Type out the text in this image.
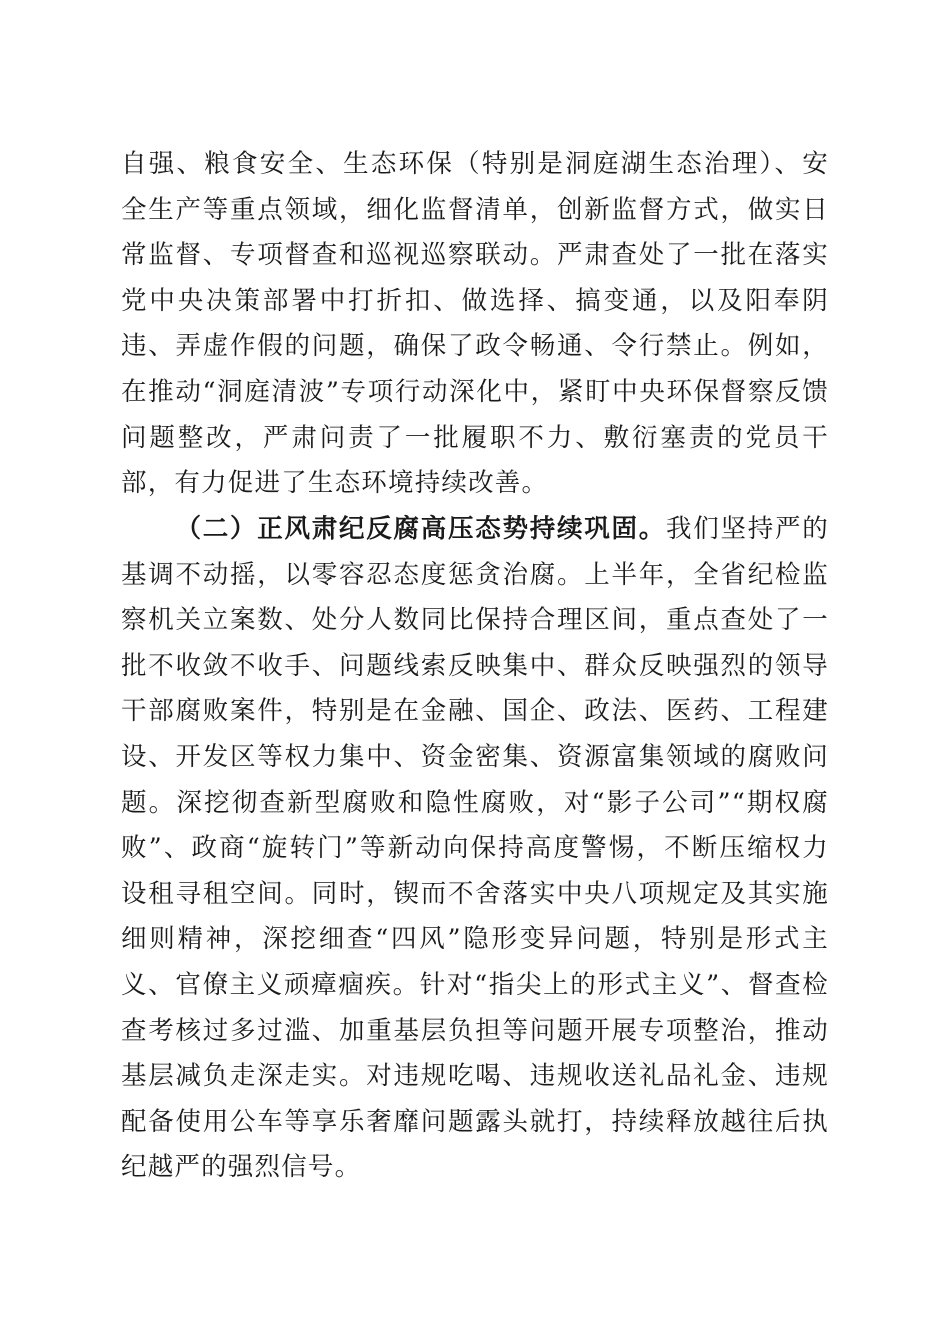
自强、粮食安全、生态环保（特别是洞庭湖生态治理）、安全生产等重点领域，细化监督清单，创新监督方式，做实日常监督、专项督查和巡视巡察联动。严肃查处了一批在落实党中央决策部署中打折扣、做选择、搞变通，以及阳奉阴违、弄虚作假的问题，确保了政令畅通、令行禁止。例如，在推动“洞庭清波”专项行动深化中，紧盯中央环保督察反馈问题整改，严肃问责了一批履职不力、敷衍塞责的党员干部，有力促进了生态环境持续改善。
（二）正风肃纪反腐高压态势持续巩固。我们坚持严的基调不动摇，以零容忍态度惩贪治腐。上半年，全省纪检监察机关立案数、处分人数同比保持合理区间，重点查处了一批不收敛不收手、问题线索反映集中、群众反映强烈的领导干部腐败案件，特别是在金融、国企、政法、医药、工程建设、开发区等权力集中、资金密集、资源富集领域的腐败问题。深挖彻查新型腐败和隐性腐败，对“影子公司”“期权腐败”、政商“旋转门”等新动向保持高度警惕，不断压缩权力设租寻租空间。同时，锲而不舍落实中央八项规定及其实施细则精神，深挖细查“四风”隐形变异问题，特别是形式主义、官僚主义顽瘴痼疾。针对“指尖上的形式主义”、督查检查考核过多过滥、加重基层负担等问题开展专项整治，推动基层减负走深走实。对违规吃喝、违规收送礼品礼金、违规配备使用公车等享乐奢靡问题露头就打，持续释放越往后执纪越严的强烈信号。
